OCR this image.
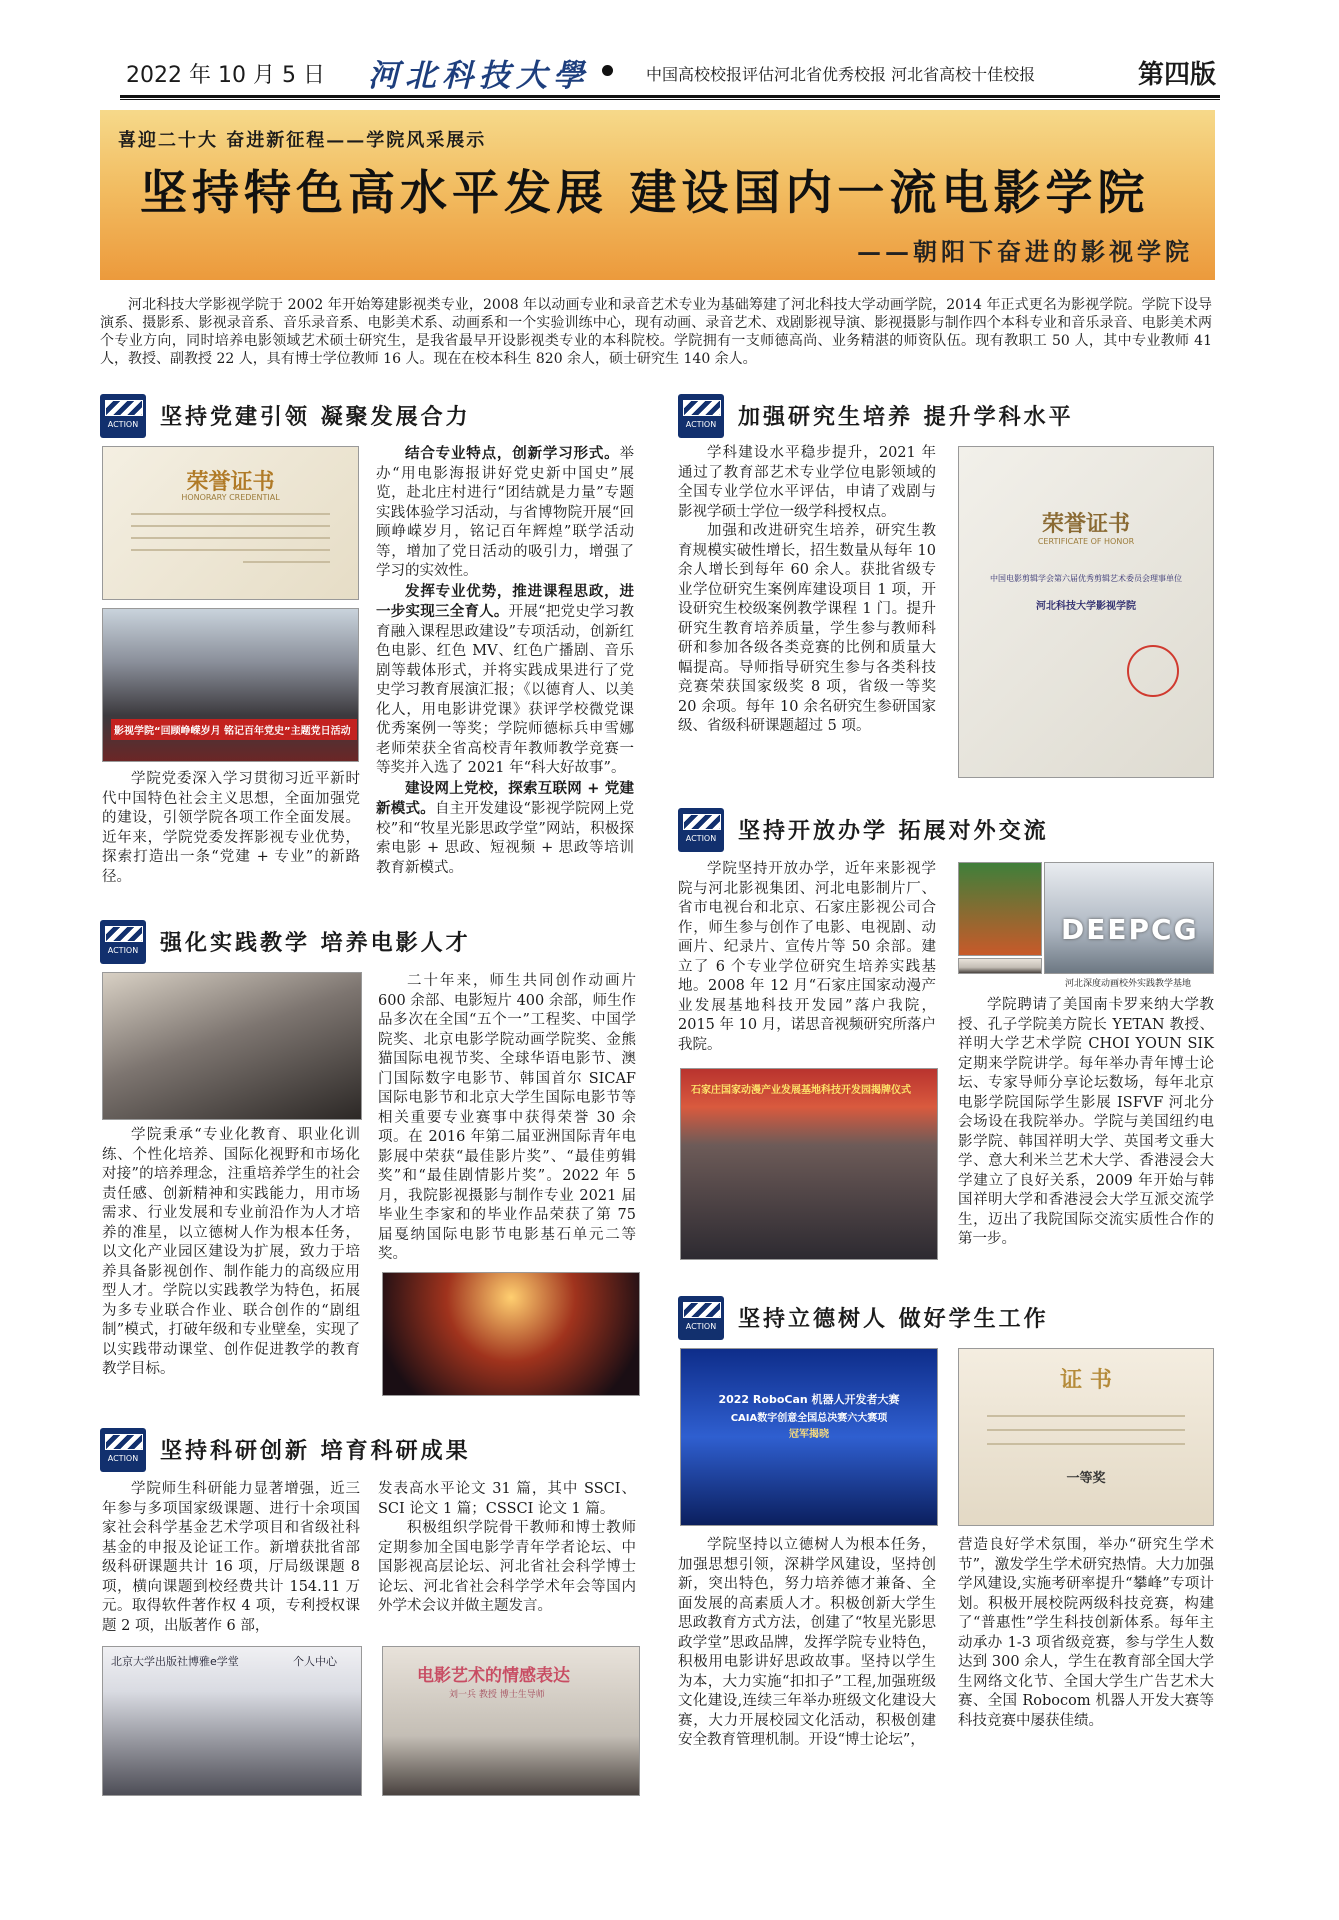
2022 年 10 月 5 日 河北科技大學	中国高校校报评估河北省优秀校报 河北省高校十佳校报	第四版
喜迎二十大 奋进新征程——学院风采展示
坚持特色高水平发展 建设国内一流电影学院
——朝阳下奋进的影视学院

河北科技大学影视学院于 2002 年开始筹建影视类专业，2008 年以动画专业和录音艺术专业为基础筹建了河北科技大学动画学院，2014 年正式更名为影视学院。学院下设导演系、摄影系、影视录音系、音乐录音系、电影美术系、动画系和一个实验训练中心，现有动画、录音艺术、戏剧影视导演、影视摄影与制作四个本科专业和音乐录音、电影美术两个专业方向，同时培养电影领域艺术硕士研究生，是我省最早开设影视类专业的本科院校。学院拥有一支师德高尚、业务精湛的师资队伍。现有教职工 50 人，其中专业教师 41 人，教授、副教授 22 人，具有博士学位教师 16 人。现在在校本科生 820 余人，硕士研究生 140 余人。

ACTION 坚持党建引领 凝聚发展合力
荣誉证书
HONORARY CREDENTIAL
影视学院“回顾峥嵘岁月 铭记百年党史”主题党日活动

学院党委深入学习贯彻习近平新时代中国特色社会主义思想，全面加强党的建设，引领学院各项工作全面发展。近年来，学院党委发挥影视专业优势，探索打造出一条“党建 + 专业”的新路径。

结合专业特点，创新学习形式。举办“用电影海报讲好党史新中国史”展览，赴北庄村进行“团结就是力量”专题实践体验学习活动，与省博物院开展“回顾峥嵘岁月，铭记百年辉煌”联学活动等，增加了党日活动的吸引力，增强了学习的实效性。

发挥专业优势，推进课程思政，进一步实现三全育人。开展“把党史学习教育融入课程思政建设”专项活动，创新红色电影、红色 MV、红色广播剧、音乐剧等载体形式，并将实践成果进行了党史学习教育展演汇报；《以德育人、以美化人，用电影讲党课》获评学校微党课优秀案例一等奖；学院师德标兵申雪娜老师荣获全省高校青年教师教学竞赛一等奖并入选了 2021 年“科大好故事”。

建设网上党校，探索互联网 + 党建新模式。自主开发建设“影视学院网上党校”和“牧星光影思政学堂”网站，积极探索电影 + 思政、短视频 + 思政等培训教育新模式。

ACTION 强化实践教学 培养电影人才

学院秉承“专业化教育、职业化训练、个性化培养、国际化视野和市场化对接”的培养理念，注重培养学生的社会责任感、创新精神和实践能力，用市场需求、行业发展和专业前沿作为人才培养的准星，以立德树人作为根本任务，以文化产业园区建设为扩展，致力于培养具备影视创作、制作能力的高级应用型人才。学院以实践教学为特色，拓展为多专业联合作业、联合创作的“剧组制”模式，打破年级和专业壁垒，实现了以实践带动课堂、创作促进教学的教育教学目标。

二十年来，师生共同创作动画片 600 余部、电影短片 400 余部，师生作品多次在全国“五个一”工程奖、中国学院奖、北京电影学院动画学院奖、金熊猫国际电视节奖、全球华语电影节、澳门国际数字电影节、韩国首尔 SICAF 国际电影节和北京大学生国际电影节等相关重要专业赛事中获得荣誉 30 余项。在 2016 年第二届亚洲国际青年电影展中荣获“最佳影片奖”、“最佳剪辑奖”和“最佳剧情影片奖”。2022 年 5 月，我院影视摄影与制作专业 2021 届毕业生李家和的毕业作品荣获了第 75 届戛纳国际电影节电影基石单元二等奖。

ACTION 坚持科研创新 培育科研成果

学院师生科研能力显著增强，近三年参与多项国家级课题、进行十余项国家社会科学基金艺术学项目和省级社科基金的申报及论证工作。新增获批省部级科研课题共计 16 项，厅局级课题 8 项，横向课题到校经费共计 154.11 万元。取得软件著作权 4 项，专利授权课题 2 项，出版著作 6 部，

发表高水平论文 31 篇，其中 SSCI、SCI 论文 1 篇；CSSCI 论文 1 篇。

积极组织学院骨干教师和博士教师定期参加全国电影学青年学者论坛、中国影视高层论坛、河北省社会科学博士论坛、河北省社会科学学术年会等国内外学术会议并做主题发言。

北京大学出版社博雅e学堂	个人中心
电影艺术的情感表达
刘一兵 教授 博士生导师
ACTION 加强研究生培养 提升学科水平

学科建设水平稳步提升，2021 年通过了教育部艺术专业学位电影领域的全国专业学位水平评估，申请了戏剧与影视学硕士学位一级学科授权点。

加强和改进研究生培养，研究生教育规模实破性增长，招生数量从每年 10 余人增长到每年 60 余人。获批省级专业学位研究生案例库建设项目 1 项，开设研究生校级案例教学课程 1 门。提升研究生教育培养质量，学生参与教师科研和参加各级各类竞赛的比例和质量大幅提高。导师指导研究生参与各类科技竞赛荣获国家级奖 8 项，省级一等奖 20 余项。每年 10 余名研究生参研国家级、省级科研课题超过 5 项。

荣誉证书
CERTIFICATE OF HONOR
中国电影剪辑学会第六届优秀剪辑艺术委员会理事单位
河北科技大学影视学院
ACTION 坚持开放办学 拓展对外交流

学院坚持开放办学，近年来影视学院与河北影视集团、河北电影制片厂、省市电视台和北京、石家庄影视公司合作，师生参与创作了电影、电视剧、动画片、纪录片、宣传片等 50 余部。建立了 6 个专业学位研究生培养实践基地。2008 年 12 月“石家庄国家动漫产业发展基地科技开发园”落户我院，2015 年 10 月，诺思音视频研究所落户我院。

DEEPCG
河北深度动画校外实践教学基地
石家庄国家动漫产业发展基地科技开发园揭牌仪式

学院聘请了美国南卡罗来纳大学教授、孔子学院美方院长 YETAN 教授、祥明大学艺术学院 CHOI YOUN SIK 定期来学院讲学。每年举办青年博士论坛、专家导师分享论坛数场，每年北京电影学院国际学生影展 ISFVF 河北分会场设在我院举办。学院与美国纽约电影学院、韩国祥明大学、英国考文垂大学、意大利米兰艺术大学、香港浸会大学建立了良好关系，2009 年开始与韩国祥明大学和香港浸会大学互派交流学生，迈出了我院国际交流实质性合作的第一步。

ACTION 坚持立德树人 做好学生工作
2022 RoboCan 机器人开发者大赛
CAIA数字创意全国总决赛六大赛项
冠军揭晓
证 书
一等奖

学院坚持以立德树人为根本任务，加强思想引领，深耕学风建设，坚持创新，突出特色，努力培养德才兼备、全面发展的高素质人才。积极创新大学生思政教育方式方法，创建了“牧星光影思政学堂”思政品牌，发挥学院专业特色，积极用电影讲好思政故事。坚持以学生为本，大力实施“扣扣子”工程,加强班级文化建设,连续三年举办班级文化建设大赛，大力开展校园文化活动，积极创建安全教育管理机制。开设“博士论坛”，

营造良好学术氛围，举办“研究生学术节”，激发学生学术研究热情。大力加强学风建设,实施考研率提升“攀峰”专项计划。积极开展校院两级科技竞赛，构建了“普惠性”学生科技创新体系。每年主动承办 1-3 项省级竞赛，参与学生人数达到 300 余人，学生在教育部全国大学生网络文化节、全国大学生广告艺术大赛、全国 Robocom 机器人开发大赛等科技竞赛中屡获佳绩。
